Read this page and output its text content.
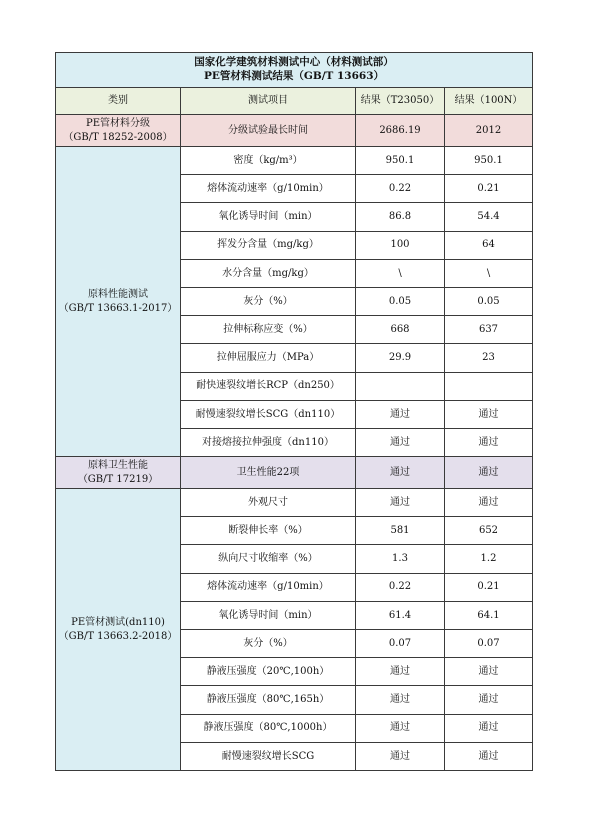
国家化学建筑材料测试中心（材料测试部）
PE管材料测试结果（GB/T 13663）			

类别	测试项目	结果（T23050）	结果（100N）

PE管材料分级
（GB/T 18252-2008）	分级试验最长时间	2686.19	2012

原料性能测试
（GB/T 13663.1-2017）	密度（kg/m³）	950.1	950.1
	熔体流动速率（g/10min）	0.22	0.21
	氧化诱导时间（min）	86.8	54.4
	挥发分含量（mg/kg）	100	64
	水分含量（mg/kg）	\	\
	灰分（%）	0.05	0.05
	拉伸标称应变（%）	668	637
	拉伸屈服应力（MPa）	29.9	23
	耐快速裂纹增长RCP（dn250）		
	耐慢速裂纹增长SCG（dn110）	通过	通过
	对接熔接拉伸强度（dn110）	通过	通过

原料卫生性能
（GB/T 17219）	卫生性能22项	通过	通过

PE管材测试(dn110)
（GB/T 13663.2-2018）	外观尺寸	通过	通过
	断裂伸长率（%）	581	652
	纵向尺寸收缩率（%）	1.3	1.2
	熔体流动速率（g/10min）	0.22	0.21
	氧化诱导时间（min）	61.4	64.1
	灰分（%）	0.07	0.07
	静液压强度（20℃,100h）	通过	通过
	静液压强度（80℃,165h）	通过	通过
	静液压强度（80℃,1000h）	通过	通过
	耐慢速裂纹增长SCG	通过	通过
